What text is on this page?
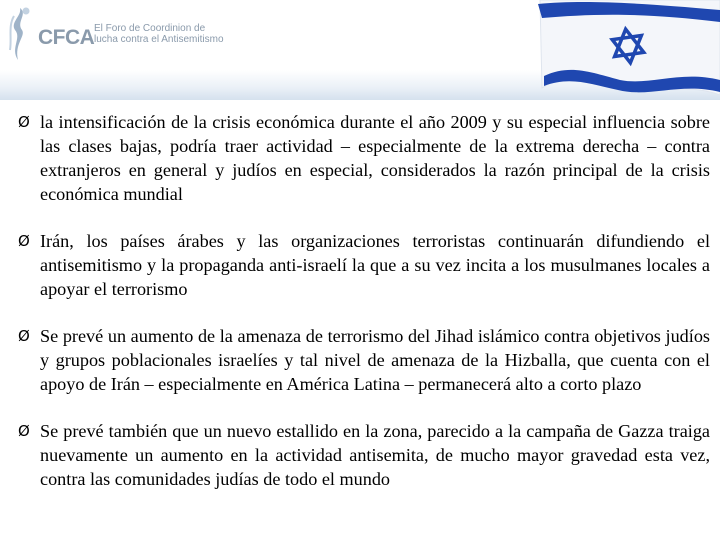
CFCA El Foro de Coordinion de
lucha contra el Antisemitismo
Ø la intensificación de la crisis económica durante el año 2009 y su especial influencia sobre las clases bajas, podría traer actividad – especialmente de la extrema derecha – contra extranjeros en general y judíos en especial, considerados la razón principal de la crisis económica mundial
Ø Irán, los países árabes y las organizaciones terroristas continuarán difundiendo el antisemitismo y la propaganda anti-israelí la que a su vez incita a los musulmanes locales a apoyar el terrorismo
Ø Se prevé un aumento de la amenaza de terrorismo del Jihad islámico contra objetivos judíos y grupos poblacionales israelíes y tal nivel de amenaza de la Hizballa, que cuenta con el apoyo de Irán – especialmente en América Latina – permanecerá alto a corto plazo
Ø Se prevé también que un nuevo estallido en la zona, parecido a la campaña de Gazza traiga nuevamente un aumento en la actividad antisemita, de mucho mayor gravedad esta vez, contra las comunidades judías de todo el mundo
